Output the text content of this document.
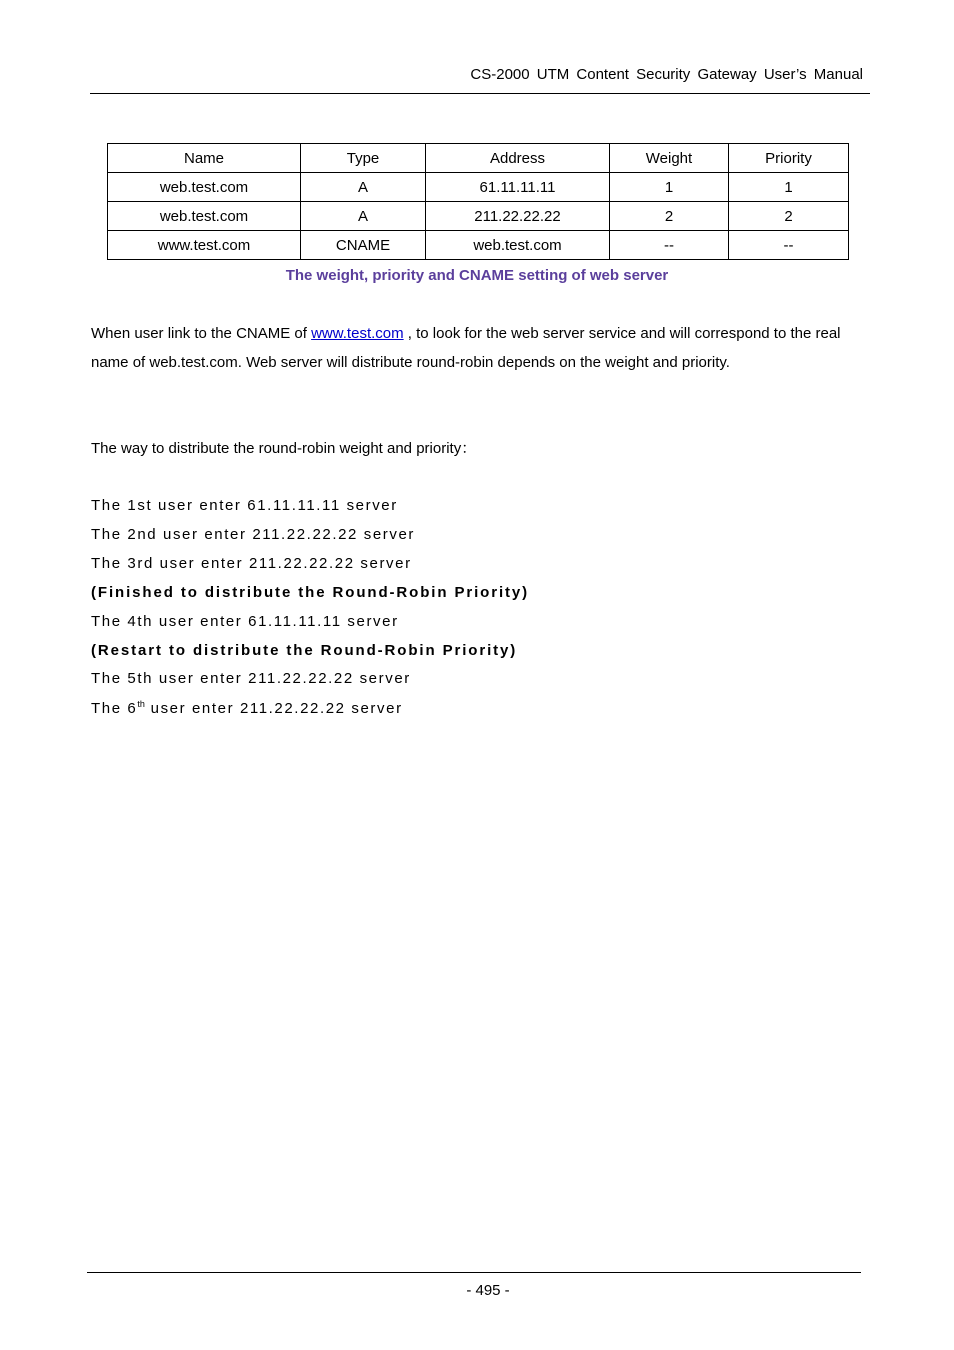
CS-2000 UTM Content Security Gateway User’s Manual
Name	Type	Address	Weight	Priority
web.test.com	A	61.11.11.11	1	1
web.test.com	A	211.22.22.22	2	2
www.test.com	CNAME	web.test.com	--	--
The weight, priority and CNAME setting of web server
When user link to the CNAME of www.test.com , to look for the web server service and will correspond to the real name of web.test.com. Web server will distribute round-robin depends on the weight and priority.
The way to distribute the round-robin weight and priority：
The 1st user enter 61.11.11.11 server
The 2nd user enter 211.22.22.22 server
The 3rd user enter 211.22.22.22 server
(Finished to distribute the Round-Robin Priority)
The 4th user enter 61.11.11.11 server
(Restart to distribute the Round-Robin Priority)
The 5th user enter 211.22.22.22 server
The 6th user enter 211.22.22.22 server
- 495 -
